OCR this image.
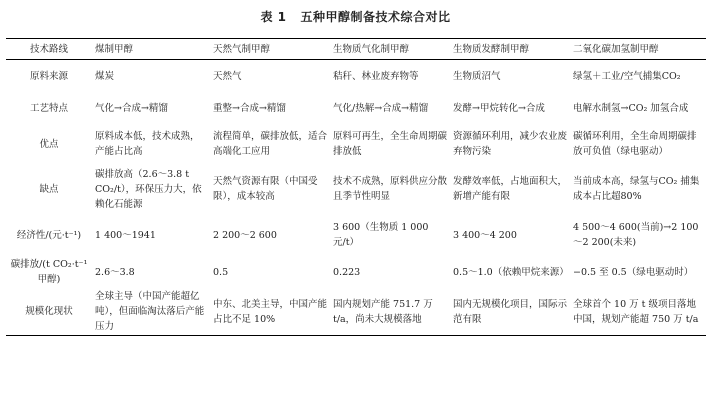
表 1 五种甲醇制备技术综合对比
技术路线	煤制甲醇	天然气制甲醇	生物质气化制甲醇	生物质发酵制甲醇	二氧化碳加氢制甲醇
原料来源	煤炭	天然气	秸秆、林业废弃物等	生物质沼气	绿氢＋工业/空气捕集CO₂
工艺特点	气化→合成→精馏	重整→合成→精馏	气化/热解→合成→精馏	发酵→甲烷转化→合成	电解水制氢→CO₂ 加氢合成
优点	原料成本低，技术成熟，产能占比高	流程简单，碳排放低，适合高端化工应用	原料可再生，全生命周期碳排放低	资源循环利用，减少农业废弃物污染	碳循环利用，全生命周期碳排放可负值（绿电驱动）
缺点	碳排放高（2.6～3.8 t CO₂/t），环保压力大，依赖化石能源	天然气资源有限（中国受限），成本较高	技术不成熟，原料供应分散且季节性明显	发酵效率低，占地面积大，新增产能有限	当前成本高，绿氢与CO₂ 捕集成本占比超80%
经济性/(元·t⁻¹)	1 400～1941	2 200～2 600	3 600（生物质 1 000元/t）	3 400～4 200	4 500～4 600(当前)→2 100～2 200(未来)
碳排放/(t CO₂·t⁻¹甲醇)	2.6～3.8	0.5	0.223	0.5～1.0（依赖甲烷来源）	−0.5 至 0.5（绿电驱动时）
规模化现状	全球主导（中国产能超亿吨），但面临淘汰落后产能压力	中东、北美主导，中国产能占比不足 10%	国内规划产能 751.7 万t/a，尚未大规模落地	国内无规模化项目，国际示范有限	全球首个 10 万 t 级项目落地中国，规划产能超 750 万 t/a
